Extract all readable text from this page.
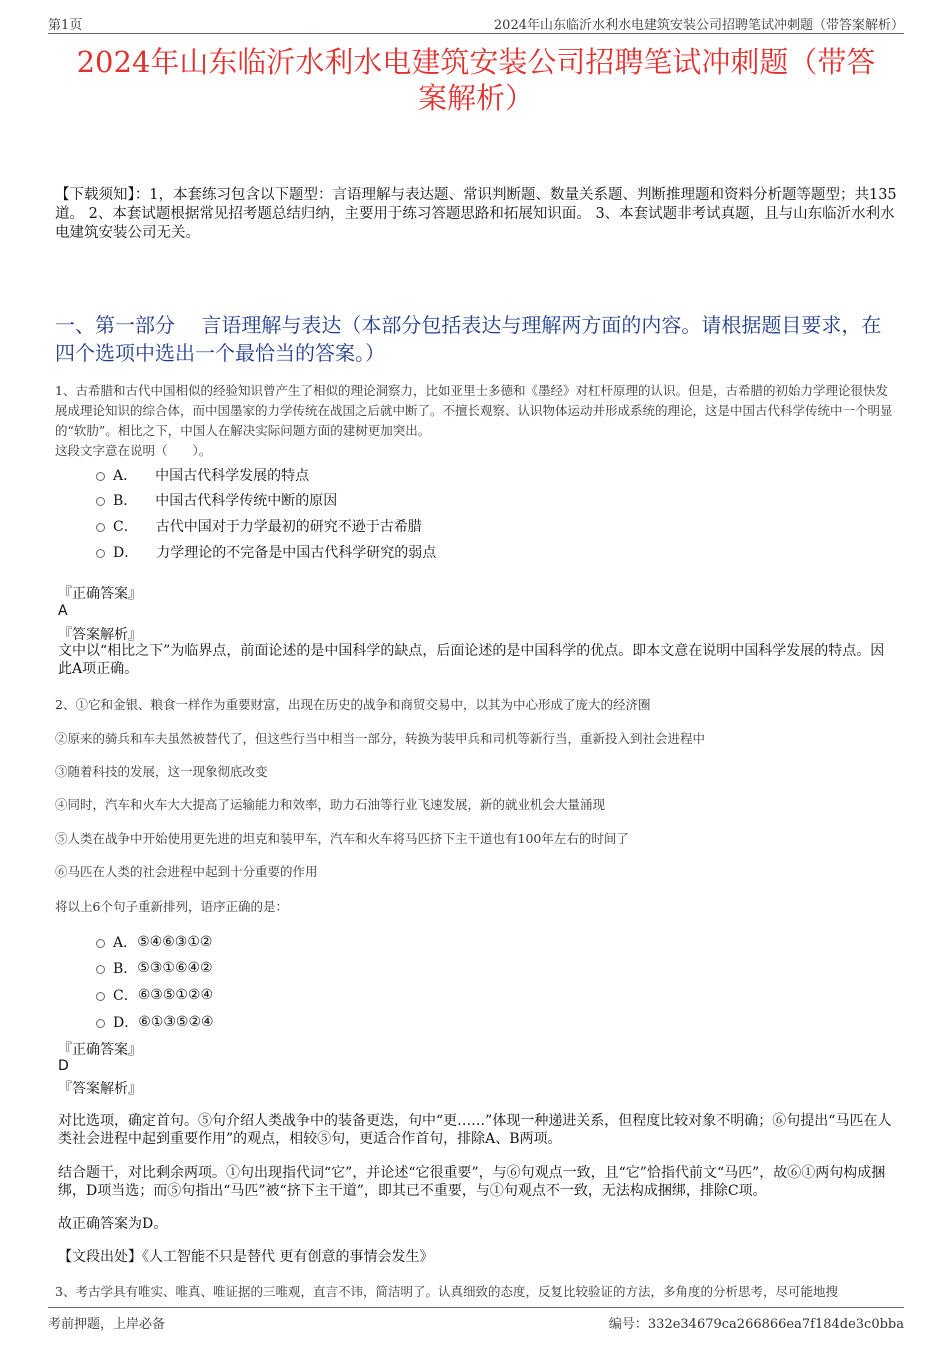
第1页	2024年山东临沂水利水电建筑安装公司招聘笔试冲刺题（带答案解析）
2024年山东临沂水利水电建筑安装公司招聘笔试冲刺题（带答
案解析）
【下载须知】：1，本套练习包含以下题型：言语理解与表达题、常识判断题、数量关系题、判断推理题和资料分析题等题型；共135道。 2、本套试题根据常见招考题总结归纳，主要用于练习答题思路和拓展知识面。 3、本套试题非考试真题，且与山东临沂水利水电建筑安装公司无关。
一、第一部分　 言语理解与表达（本部分包括表达与理解两方面的内容。请根据题目要求，在四个选项中选出一个最恰当的答案。）
1、古希腊和古代中国相似的经验知识曾产生了相似的理论洞察力，比如亚里士多德和《墨经》对杠杆原理的认识。但是，古希腊的初始力学理论很快发展成理论知识的综合体，而中国墨家的力学传统在战国之后就中断了。不擅长观察、认识物体运动并形成系统的理论，这是中国古代科学传统中一个明显的“软肋”。相比之下，中国人在解决实际问题方面的建树更加突出。
这段文字意在说明（　　）。
A． 中国古代科学发展的特点
B． 中国古代科学传统中断的原因
C． 古代中国对于力学最初的研究不逊于古希腊
D． 力学理论的不完备是中国古代科学研究的弱点
『正确答案』
A
『答案解析』
文中以“相比之下”为临界点，前面论述的是中国科学的缺点，后面论述的是中国科学的优点。即本文意在说明中国科学发展的特点。因此A项正确。
2、①它和金银、粮食一样作为重要财富，出现在历史的战争和商贸交易中，以其为中心形成了庞大的经济圈
②原来的骑兵和车夫虽然被替代了，但这些行当中相当一部分，转换为装甲兵和司机等新行当，重新投入到社会进程中
③随着科技的发展，这一现象彻底改变
④同时，汽车和火车大大提高了运输能力和效率，助力石油等行业飞速发展，新的就业机会大量涌现
⑤人类在战争中开始使用更先进的坦克和装甲车，汽车和火车将马匹挤下主干道也有100年左右的时间了
⑥马匹在人类的社会进程中起到十分重要的作用
将以上6个句子重新排列，语序正确的是：
A． ⑤④⑥③①②
B． ⑤③①⑥④②
C． ⑥③⑤①②④
D． ⑥①③⑤②④
『正确答案』
D
『答案解析』
对比选项，确定首句。⑤句介绍人类战争中的装备更迭，句中“更……”体现一种递进关系，但程度比较对象不明确；⑥句提出“马匹在人类社会进程中起到重要作用”的观点，相较⑤句，更适合作首句，排除A、B两项。
结合题干，对比剩余两项。①句出现指代词“它”，并论述“它很重要”，与⑥句观点一致，且“它”恰指代前文“马匹”，故⑥①两句构成捆绑，D项当选；而⑤句指出“马匹”被“挤下主干道”，即其已不重要，与①句观点不一致，无法构成捆绑，排除C项。
故正确答案为D。
【文段出处】《人工智能不只是替代 更有创意的事情会发生》
3、考古学具有唯实、唯真、唯证据的三唯观，直言不讳，简洁明了。认真细致的态度，反复比较验证的方法，多角度的分析思考，尽可能地搜
考前押题，上岸必备	编号：332e34679ca266866ea7f184de3c0bba
